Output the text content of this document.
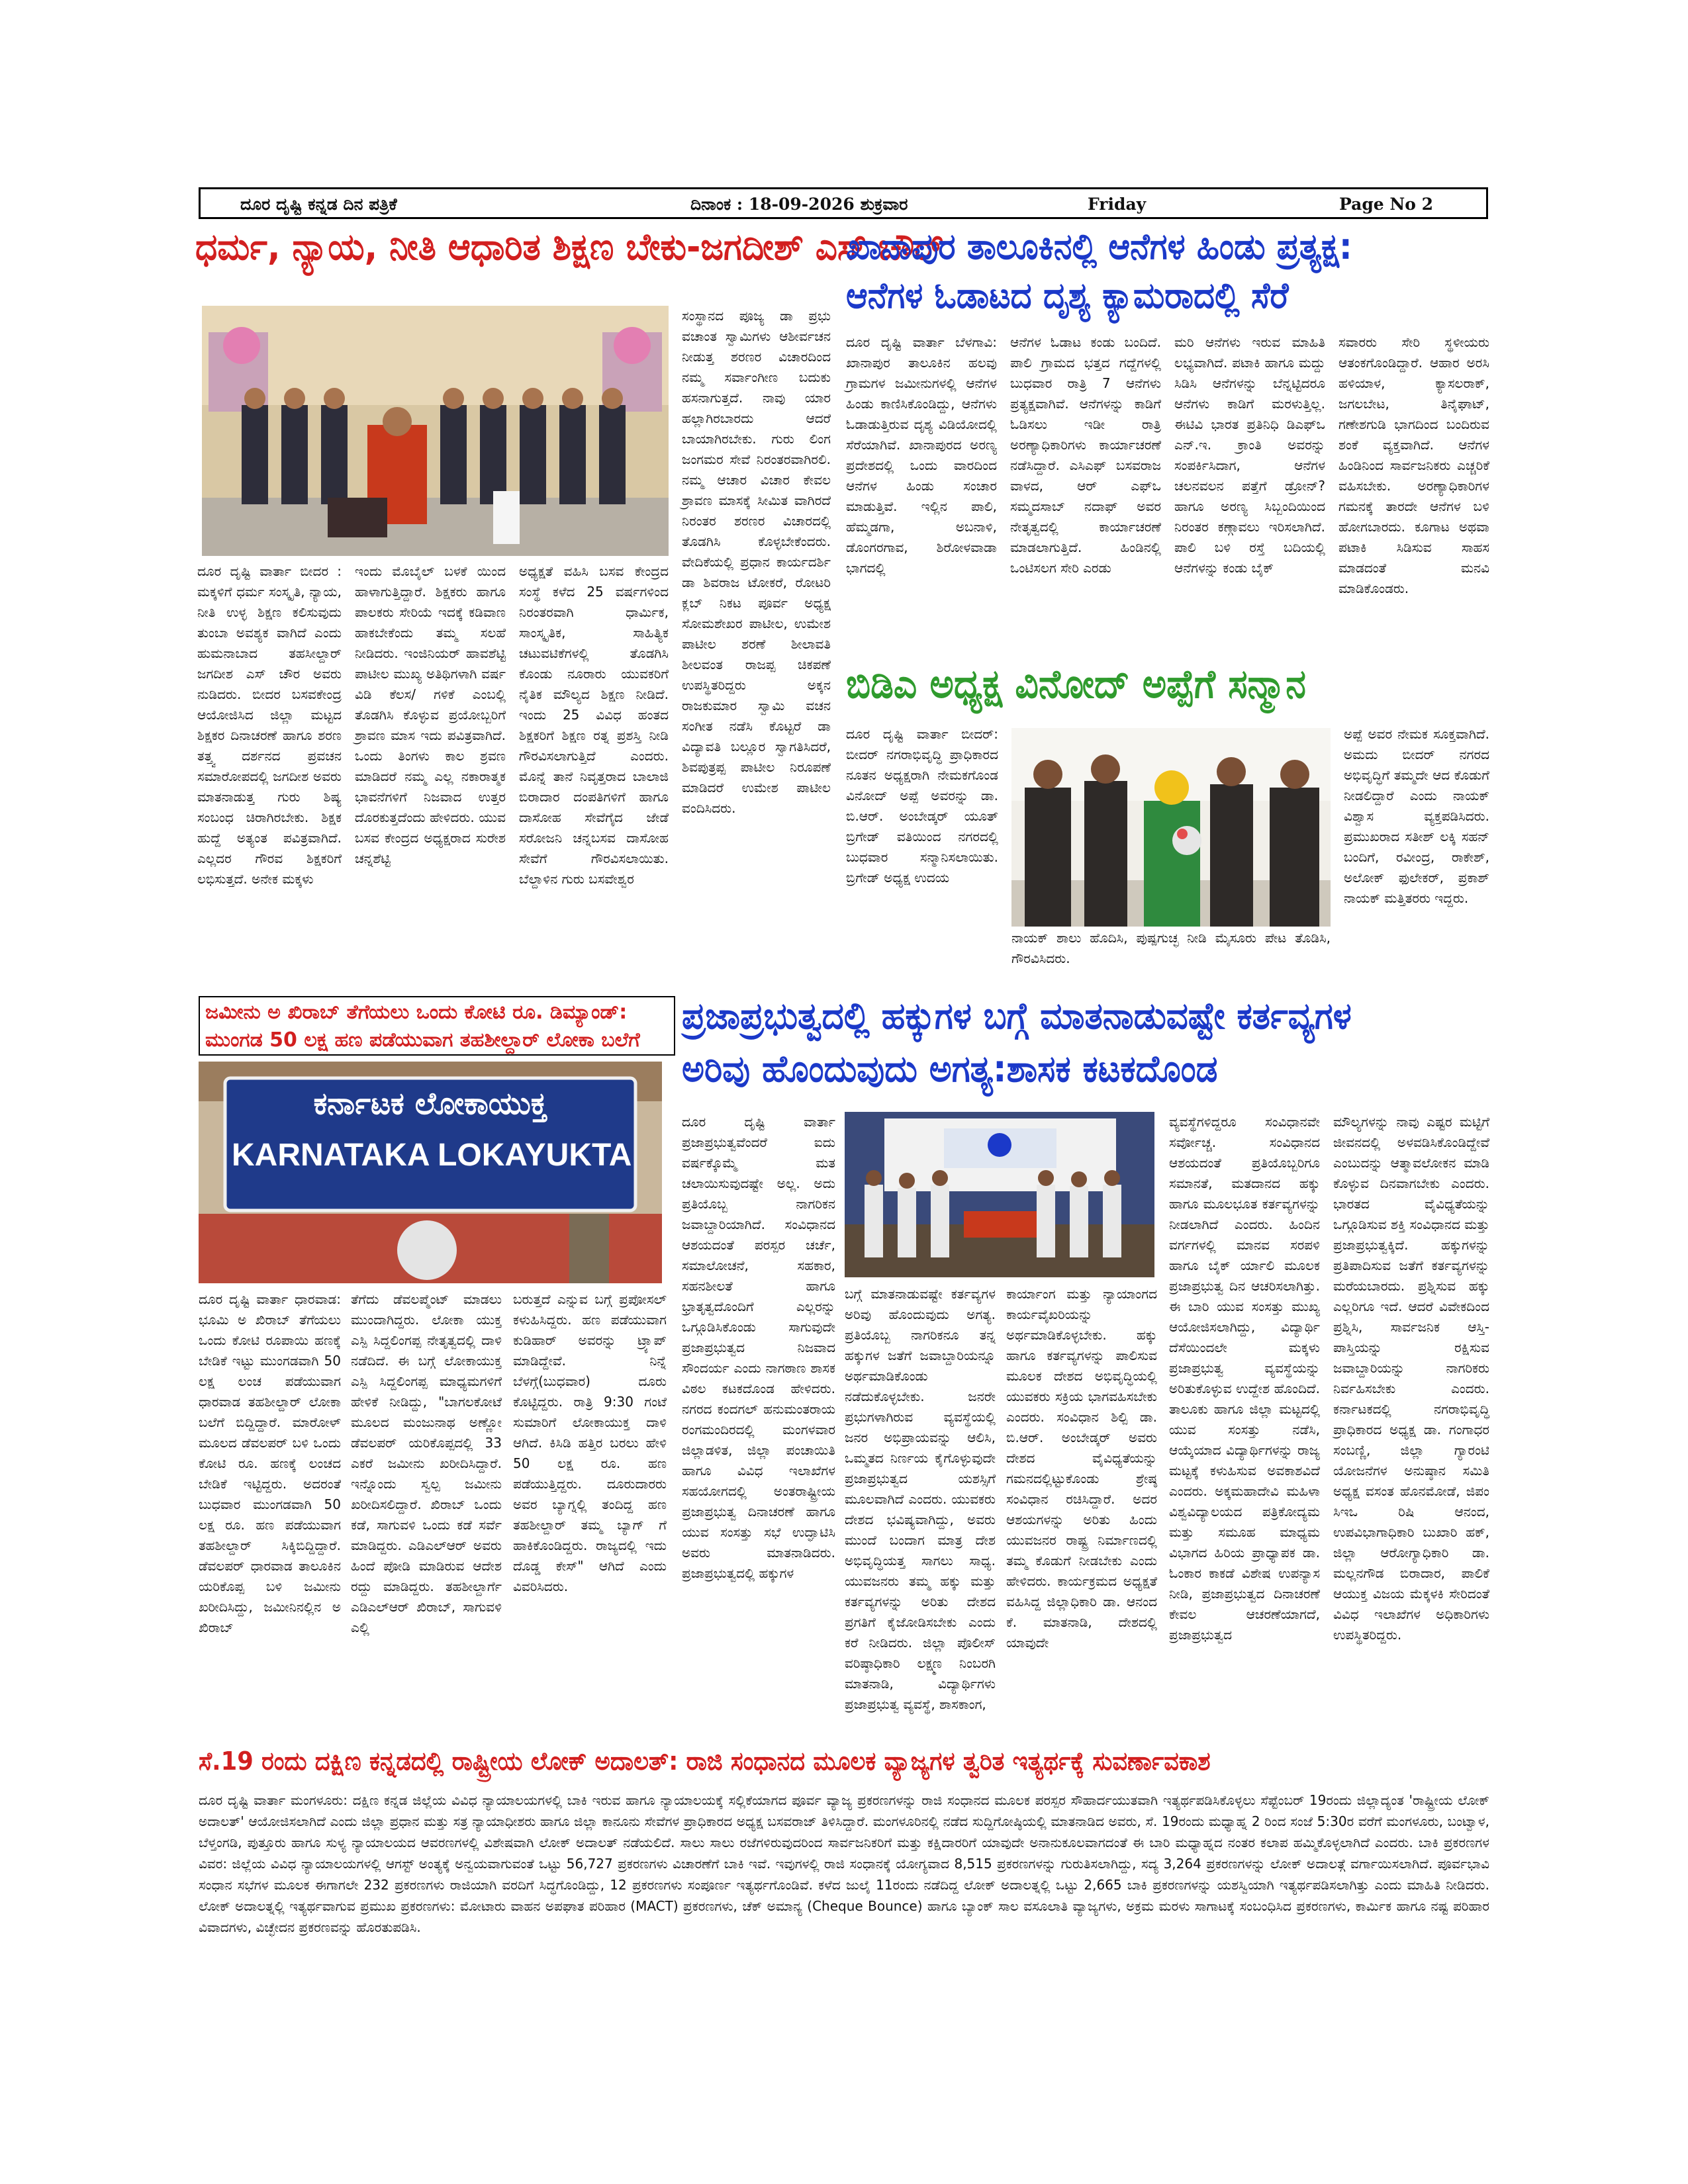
ದೂರ ದೃಷ್ಟಿ ಕನ್ನಡ ದಿನ ಪತ್ರಿಕೆ	ದಿನಾಂಕ : 18-09-2026 ಶುಕ್ರವಾರ	Friday	Page No 2
ಧರ್ಮ, ನ್ಯಾಯ, ನೀತಿ ಆಧಾರಿತ ಶಿಕ್ಷಣ ಬೇಕು-ಜಗದೀಶ್ ಎಸ್ ಚೌರ್
ದೂರ ದೃಷ್ಟಿ ವಾರ್ತಾ ಬೀದರ : ಮಕ್ಕಳಿಗೆ ಧರ್ಮ ಸಂಸ್ಕೃತಿ, ನ್ಯಾಯ, ನೀತಿ ಉಳ್ಳ ಶಿಕ್ಷಣ ಕಲಿಸುವುದು ತುಂಬಾ ಅವಶ್ಯಕ ವಾಗಿದೆ ಎಂದು ಹುಮನಾಬಾದ ತಹಸೀಲ್ದಾರ್ ಜಗದೀಶ ಎಸ್ ಚೌರ ಅವರು ನುಡಿದರು. ಬೀದರ ಬಸವಕೇಂದ್ರ ಆಯೋಜಿಸಿದ ಜಿಲ್ಲಾ ಮಟ್ಟದ ಶಿಕ್ಷಕರ ದಿನಾಚರಣೆ ಹಾಗೂ ಶರಣ ತತ್ತ್ವ ದರ್ಶನದ ಪ್ರವಚನ ಸಮಾರೋಪದಲ್ಲಿ ಜಗದೀಶ ಅವರು ಮಾತನಾಡುತ್ತ ಗುರು ಶಿಷ್ಯ ಸಂಬಂಧ ಚಿರಾಗಿರಬೇಕು. ಶಿಕ್ಷಕ ಹುದ್ದೆ ಅತ್ಯಂತ ಪವಿತ್ರವಾಗಿದೆ. ಎಲ್ಲದರ ಗೌರವ ಶಿಕ್ಷಕರಿಗೆ ಲಭಿಸುತ್ತದೆ. ಅನೇಕ ಮಕ್ಕಳು
ಇಂದು ಮೊಬೈಲ್ ಬಳಕೆ ಯಿಂದ ಹಾಳಾಗುತ್ತಿದ್ದಾರೆ. ಶಿಕ್ಷಕರು ಹಾಗೂ ಪಾಲಕರು ಸೇರಿಯೆ ಇದಕ್ಕೆ ಕಡಿವಾಣ ಹಾಕಬೇಕೆಂದು ತಮ್ಮ ಸಲಹೆ ನೀಡಿದರು. ಇಂಜಿನಿಯರ್ ಹಾವಶೆಟ್ಟಿ ಪಾಟೀಲ ಮುಖ್ಯ ಅತಿಥಿಗಳಾಗಿ ವರ್ಷ ವಿಡಿ ಕೆಲಸ/ ಗಳಿಕೆ ಎಂಬಲ್ಲಿ ತೊಡಗಿಸಿ ಕೊಳ್ಳುವ ಪ್ರಯೋಬ್ಬರಿಗೆ ಶ್ರಾವಣ ಮಾಸ ಇದು ಪವಿತ್ರವಾಗಿದೆ. ಒಂದು ತಿಂಗಳು ಕಾಲ ಶ್ರವಣ ಮಾಡಿದರೆ ನಮ್ಮ ಎಲ್ಲ ನಕಾರಾತ್ಮಕ ಭಾವನೆಗಳಿಗೆ ನಿಜವಾದ ಉತ್ತರ ದೊರಕುತ್ತದೆಂದು ಹೇಳಿದರು. ಯುವ ಬಸವ ಕೇಂದ್ರದ ಅಧ್ಯಕ್ಷರಾದ ಸುರೇಶ ಚನ್ನಶೆಟ್ಟಿ
ಅಧ್ಯಕ್ಷತೆ ವಹಿಸಿ ಬಸವ ಕೇಂದ್ರದ ಸಂಸ್ಥೆ ಕಳೆದ 25 ವರ್ಷಗಳಿಂದ ನಿರಂತರವಾಗಿ ಧಾರ್ಮಿಕ, ಸಾಂಸ್ಕೃತಿಕ, ಸಾಹಿತ್ಯಿಕ ಚಟುವಟಿಕೆಗಳಲ್ಲಿ ತೊಡಗಿಸಿ ಕೊಂಡು ನೂರಾರು ಯುವಕರಿಗೆ ನೈತಿಕ ಮೌಲ್ಯದ ಶಿಕ್ಷಣ ನೀಡಿದೆ. ಇಂದು 25 ವಿವಿಧ ಹಂತದ ಶಿಕ್ಷಕರಿಗೆ ಶಿಕ್ಷಣ ರತ್ನ ಪ್ರಶಸ್ತಿ ನೀಡಿ ಗೌರವಿಸಲಾಗುತ್ತಿದೆ ಎಂದರು. ಮೊನ್ನೆ ತಾನೆ ನಿವೃತ್ತರಾದ ಬಾಲಾಜಿ ಬಿರಾದಾರ ದಂಪತಿಗಳಿಗೆ ಹಾಗೂ ದಾಸೋಹ ಸೇವೆಗೈದ ಜೇಡೆ ಸರೋಜನಿ ಚನ್ನಬಸವ ದಾಸೋಹ ಸೇವೆಗೆ ಗೌರವಿಸಲಾಯಿತು. ಬೆಲ್ದಾಳಿನ ಗುರು ಬಸವೇಶ್ವರ
ಸಂಸ್ಥಾನದ ಪೂಜ್ಯ ಡಾ ಪ್ರಭು ವಚಾಂತ ಸ್ವಾಮಿಗಳು ಆಶೀರ್ವಚನ ನೀಡುತ್ತ ಶರಣರ ವಿಚಾರದಿಂದ ನಮ್ಮ ಸರ್ವಾಂಗೀಣ ಬದುಕು ಹಸನಾಗುತ್ತದೆ. ನಾವು ಯಾರ ಹಲ್ಲಾಗಿರಬಾರದು ಆದರೆ ಬಾಯಾಗಿರಬೇಕು. ಗುರು ಲಿಂಗ ಜಂಗಮರ ಸೇವೆ ನಿರಂತರವಾಗಿರಲಿ. ನಮ್ಮ ಆಚಾರ ವಿಚಾರ ಕೇವಲ ಶ್ರಾವಣ ಮಾಸಕ್ಕೆ ಸೀಮಿತ ವಾಗಿರದೆ ನಿರಂತರ ಶರಣರ ವಿಚಾರದಲ್ಲಿ ತೊಡಗಿಸಿ ಕೊಳ್ಳಬೇಕೆಂದರು. ವೇದಿಕೆಯಲ್ಲಿ ಪ್ರಧಾನ ಕಾರ್ಯದರ್ಶಿ ಡಾ ಶಿವರಾಜ ಟೋಕರೆ, ರೋಟರಿ ಕ್ಲಬ್ ನಿಕಟ ಪೂರ್ವ ಅಧ್ಯಕ್ಷ ಸೋಮಶೇಖರ ಪಾಟೀಲ, ಉಮೇಶ ಪಾಟೀಲ ಶರಣೆ ಶೀಲಾವತಿ ಶೀಲವಂತ ರಾಜಪ್ಪ ಚಿಕಪಣೆ ಉಪಸ್ಥಿತರಿದ್ದರು ಅಕ್ಕನ ರಾಜಕುಮಾರ ಸ್ವಾಮಿ ವಚನ ಸಂಗೀತ ನಡೆಸಿ ಕೊಟ್ಟರೆ ಡಾ ವಿದ್ಯಾವತಿ ಬಲ್ಲೂರ ಸ್ವಾಗತಿಸಿದರೆ, ಶಿವಪುತ್ರಪ್ಪ ಪಾಟೀಲ ನಿರೂಪಣೆ ಮಾಡಿದರೆ ಉಮೇಶ ಪಾಟೀಲ ವಂದಿಸಿದರು.
ಖಾನಾಪುರ ತಾಲೂಕಿನಲ್ಲಿ ಆನೆಗಳ ಹಿಂಡು ಪ್ರತ್ಯಕ್ಷ:
ಆನೆಗಳ ಓಡಾಟದ ದೃಶ್ಯ ಕ್ಯಾಮರಾದಲ್ಲಿ ಸೆರೆ
ದೂರ ದೃಷ್ಟಿ ವಾರ್ತಾ ಬೆಳಗಾವಿ: ಖಾನಾಪುರ ತಾಲೂಕಿನ ಹಲವು ಗ್ರಾಮಗಳ ಜಮೀನುಗಳಲ್ಲಿ ಆನೆಗಳ ಹಿಂಡು ಕಾಣಿಸಿಕೊಂಡಿದ್ದು, ಆನೆಗಳು ಓಡಾಡುತ್ತಿರುವ ದೃಶ್ಯ ವಿಡಿಯೋದಲ್ಲಿ ಸೆರೆಯಾಗಿವೆ. ಖಾನಾಪುರದ ಅರಣ್ಯ ಪ್ರದೇಶದಲ್ಲಿ ಒಂದು ವಾರದಿಂದ ಆನೆಗಳ ಹಿಂಡು ಸಂಚಾರ ಮಾಡುತ್ತಿವೆ. ಇಲ್ಲಿನ ಪಾಲಿ, ಹೆಮ್ಮಡಗಾ, ಅಬನಾಳಿ, ಡೊಂಗರಗಾವ, ಶಿರೋಳವಾಡಾ ಭಾಗದಲ್ಲಿ
ಆನೆಗಳ ಓಡಾಟ ಕಂಡು ಬಂದಿದೆ. ಪಾಲಿ ಗ್ರಾಮದ ಭತ್ತದ ಗದ್ದೆಗಳಲ್ಲಿ ಬುಧವಾರ ರಾತ್ರಿ 7 ಆನೆಗಳು ಪ್ರತ್ಯಕ್ಷವಾಗಿವೆ. ಆನೆಗಳನ್ನು ಕಾಡಿಗೆ ಓಡಿಸಲು ಇಡೀ ರಾತ್ರಿ ಅರಣ್ಯಾಧಿಕಾರಿಗಳು ಕಾರ್ಯಾಚರಣೆ ನಡೆಸಿದ್ದಾರೆ. ಎಸಿಎಫ್ ಬಸವರಾಜ ವಾಳದ, ಆರ್ ಎಫ್ಒ ಸಮ್ಮದಸಾಬ್ ನದಾಫ್ ಅವರ ನೇತೃತ್ವದಲ್ಲಿ ಕಾರ್ಯಾಚರಣೆ ಮಾಡಲಾಗುತ್ತಿದೆ. ಹಿಂಡಿನಲ್ಲಿ ಒಂಟಿಸಲಗ ಸೇರಿ ಎರಡು
ಮರಿ ಆನೆಗಳು ಇರುವ ಮಾಹಿತಿ ಲಭ್ಯವಾಗಿದೆ. ಪಟಾಕಿ ಹಾಗೂ ಮದ್ದು ಸಿಡಿಸಿ ಆನೆಗಳನ್ನು ಬೆನ್ನಟ್ಟಿದರೂ ಆನೆಗಳು ಕಾಡಿಗೆ ಮರಳುತ್ತಿಲ್ಲ. ಈಟಿವಿ ಭಾರತ ಪ್ರತಿನಿಧಿ ಡಿಎಫ್ಒ ಎನ್.ಇ. ಕ್ರಾಂತಿ ಅವರನ್ನು ಸಂಪರ್ಕಿಸಿದಾಗ, ಆನೆಗಳ ಚಲನವಲನ ಪತ್ತೆಗೆ ಡ್ರೋನ್? ಹಾಗೂ ಅರಣ್ಯ ಸಿಬ್ಬಂದಿಯಿಂದ ನಿರಂತರ ಕಣ್ಗಾವಲು ಇರಿಸಲಾಗಿದೆ. ಪಾಲಿ ಬಳಿ ರಸ್ತೆ ಬದಿಯಲ್ಲಿ ಆನೆಗಳನ್ನು ಕಂಡು ಬೈಕ್
ಸವಾರರು ಸೇರಿ ಸ್ಥಳೀಯರು ಆತಂಕಗೊಂಡಿದ್ದಾರೆ. ಆಹಾರ ಅರಸಿ ಹಳಿಯಾಳ, ಕ್ಯಾಸಲರಾಕ್, ಜಗಲಬೇಟ, ತಿನೈಘಾಟ್, ಗಣೇಶಗುಡಿ ಭಾಗದಿಂದ ಬಂದಿರುವ ಶಂಕೆ ವ್ಯಕ್ತವಾಗಿದೆ. ಆನೆಗಳ ಹಿಂಡಿನಿಂದ ಸಾರ್ವಜನಿಕರು ಎಚ್ಚರಿಕೆ ವಹಿಸಬೇಕು. ಅರಣ್ಯಾಧಿಕಾರಿಗಳ ಗಮನಕ್ಕೆ ತಾರದೇ ಆನೆಗಳ ಬಳಿ ಹೋಗಬಾರದು. ಕೂಗಾಟ ಅಥವಾ ಪಟಾಕಿ ಸಿಡಿಸುವ ಸಾಹಸ ಮಾಡದಂತೆ ಮನವಿ ಮಾಡಿಕೊಂಡರು.
ಬಿಡಿಎ ಅಧ್ಯಕ್ಷ ವಿನೋದ್ ಅಪ್ಪೆಗೆ ಸನ್ಮಾನ
ದೂರ ದೃಷ್ಟಿ ವಾರ್ತಾ ಬೀದರ್: ಬೀದರ್ ನಗರಾಭಿವೃದ್ಧಿ ಪ್ರಾಧಿಕಾರದ ನೂತನ ಅಧ್ಯಕ್ಷರಾಗಿ ನೇಮಕಗೊಂಡ ವಿನೋದ್ ಅಪ್ಪೆ ಅವರನ್ನು ಡಾ. ಬಿ.ಆರ್. ಅಂಬೇಡ್ಕರ್ ಯೂತ್ ಬ್ರಿಗೇಡ್ ವತಿಯಿಂದ ನಗರದಲ್ಲಿ ಬುಧವಾರ ಸನ್ಮಾನಿಸಲಾಯಿತು. ಬ್ರಿಗೇಡ್ ಅಧ್ಯಕ್ಷ ಉದಯ
ನಾಯಕ್ ಶಾಲು ಹೊದಿಸಿ, ಪುಷ್ಪಗುಚ್ಛ ನೀಡಿ ಮೈಸೂರು ಪೇಟ ತೊಡಿಸಿ, ಗೌರವಿಸಿದರು.
ಅಪ್ಪೆ ಅವರ ನೇಮಕ ಸೂಕ್ತವಾಗಿದೆ. ಅಮದು ಬೀದರ್ ನಗರದ ಅಭಿವೃದ್ಧಿಗೆ ತಮ್ಮದೇ ಆದ ಕೊಡುಗೆ ನೀಡಲಿದ್ದಾರೆ ಎಂದು ನಾಯಕ್ ವಿಶ್ವಾಸ ವ್ಯಕ್ತಪಡಿಸಿದರು. ಪ್ರಮುಖರಾದ ಸತೀಶ್ ಲಕ್ಕಿ ಸಹನ್ ಬಂದಿಗೆ, ರವೀಂದ್ರ, ರಾಕೇಶ್, ಅಲೋಕ್ ಫುಲೇಕರ್, ಪ್ರಕಾಶ್ ನಾಯಕ್ ಮತ್ತಿತರರು ಇದ್ದರು.
ಜಮೀನು ಅ ಖಿರಾಬ್ ತೆಗೆಯಲು ಒಂದು ಕೋಟಿ ರೂ. ಡಿಮ್ಯಾಂಡ್:
ಮುಂಗಡ 50 ಲಕ್ಷ ಹಣ ಪಡೆಯುವಾಗ ತಹಶೀಲ್ದಾರ್ ಲೋಕಾ ಬಲೆಗೆ
ಕರ್ನಾಟಕ ಲೋಕಾಯುಕ್ತ
KARNATAKA LOKAYUKTA
ದೂರ ದೃಷ್ಟಿ ವಾರ್ತಾ ಧಾರವಾಡ: ಭೂಮಿ ಅ ಖಿರಾಬ್ ತೆಗೆಯಲು ಒಂದು ಕೋಟಿ ರೂಪಾಯಿ ಹಣಕ್ಕೆ ಬೇಡಿಕೆ ಇಟ್ಟು ಮುಂಗಡವಾಗಿ 50 ಲಕ್ಷ ಲಂಚ ಪಡೆಯುವಾಗ ಧಾರವಾಡ ತಹಶೀಲ್ದಾರ್ ಲೋಕಾ ಬಲೆಗೆ ಬಿದ್ದಿದ್ದಾರೆ. ಮಾರೋಳ್ ಮೂಲದ ಡೆವಲಪರ್ ಬಳಿ ಒಂದು ಕೋಟಿ ರೂ. ಹಣಕ್ಕೆ ಲಂಚದ ಬೇಡಿಕೆ ಇಟ್ಟಿದ್ದರು. ಅದರಂತೆ ಬುಧವಾರ ಮುಂಗಡವಾಗಿ 50 ಲಕ್ಷ ರೂ. ಹಣ ಪಡೆಯುವಾಗ ತಹಶೀಲ್ದಾರ್ ಸಿಕ್ಕಿಬಿದ್ದಿದ್ದಾರೆ. ಡೆವಲಪರ್ ಧಾರವಾಡ ತಾಲೂಕಿನ ಯರಿಕೊಪ್ಪ ಬಳಿ ಜಮೀನು ಖರೀದಿಸಿದ್ದು, ಜಮೀನಿನಲ್ಲಿನ ಅ ಖಿರಾಬ್
ತೆಗೆದು ಡೆವಲಪ್ಮೆಂಟ್ ಮಾಡಲು ಮುಂದಾಗಿದ್ದರು. ಲೋಕಾ ಯುಕ್ತ ಎಸ್ಪಿ ಸಿದ್ದಲಿಂಗಪ್ಪ ನೇತೃತ್ವದಲ್ಲಿ ದಾಳಿ ನಡೆದಿದೆ. ಈ ಬಗ್ಗೆ ಲೋಕಾಯುಕ್ತ ಎಸ್ಪಿ ಸಿದ್ದಲಿಂಗಪ್ಪ ಮಾಧ್ಯಮಗಳಿಗೆ ಹೇಳಿಕೆ ನೀಡಿದ್ದು, "ಬಾಗಲಕೋಟೆ ಮೂಲದ ಮಂಜುನಾಥ ಅಣ್ಣೋ ಡೆವಲಪರ್ ಯರಿಕೊಪ್ಪದಲ್ಲಿ 33 ಎಕರೆ ಜಮೀನು ಖರೀದಿಸಿದ್ದಾರೆ. ಇನ್ನೊಂದು ಸ್ವಲ್ಪ ಜಮೀನು ಖರೀದಿಸಲಿದ್ದಾರೆ. ಖಿರಾಬ್ ಒಂದು ಕಡೆ, ಸಾಗುವಳಿ ಒಂದು ಕಡೆ ಸರ್ವೆ ಮಾಡಿದ್ದರು. ಎಡಿಎಲ್ಆರ್ ಅವರು ಹಿಂದೆ ಪೋಡಿ ಮಾಡಿರುವ ಆದೇಶ ರದ್ದು ಮಾಡಿದ್ದರು. ತಹಶೀಲ್ದಾರ್ಗೆ ಎಡಿಎಲ್ಆರ್ ಖಿರಾಬ್, ಸಾಗುವಳಿ ಎಲ್ಲಿ
ಬರುತ್ತದೆ ಎನ್ನುವ ಬಗ್ಗೆ ಪ್ರಪೋಸಲ್ ಕಳುಹಿಸಿದ್ದರು. ಹಣ ಪಡೆಯುವಾಗ ಕುಡಿಹಾರ್ ಅವರನ್ನು ಟ್ರ್ಯಾಪ್ ಮಾಡಿದ್ದೇವೆ. ನಿನ್ನೆ ಬೆಳಗ್ಗೆ(ಬುಧವಾರ) ದೂರು ಕೊಟ್ಟಿದ್ದರು. ರಾತ್ರಿ 9:30 ಗಂಟೆ ಸುಮಾರಿಗೆ ಲೋಕಾಯುಕ್ತ ದಾಳಿ ಆಗಿದೆ. ಕಿಸಿಡಿ ಹತ್ತಿರ ಬರಲು ಹೇಳಿ 50 ಲಕ್ಷ ರೂ. ಹಣ ಪಡೆಯುತ್ತಿದ್ದರು. ದೂರುದಾರರು ಅವರ ಬ್ಯಾಗ್ನಲ್ಲಿ ತಂದಿದ್ದ ಹಣ ತಹಶೀಲ್ದಾರ್ ತಮ್ಮ ಬ್ಯಾಗ್ ಗೆ ಹಾಕಿಕೊಂಡಿದ್ದರು. ರಾಜ್ಯದಲ್ಲಿ ಇದು ದೊಡ್ಡ ಕೇಸ್" ಆಗಿದೆ ಎಂದು ವಿವರಿಸಿದರು.
ಪ್ರಜಾಪ್ರಭುತ್ವದಲ್ಲಿ ಹಕ್ಕುಗಳ ಬಗ್ಗೆ ಮಾತನಾಡುವಷ್ಟೇ ಕರ್ತವ್ಯಗಳ
ಅರಿವು ಹೊಂದುವುದು ಅಗತ್ಯ:ಶಾಸಕ ಕಟಕದೊಂಡ
ದೂರ ದೃಷ್ಟಿ ವಾರ್ತಾ ಪ್ರಜಾಪ್ರಭುತ್ವವೆಂದರೆ ಐದು ವರ್ಷಕ್ಕೊಮ್ಮೆ ಮತ ಚಲಾಯಿಸುವುದಷ್ಟೇ ಅಲ್ಲ. ಅದು ಪ್ರತಿಯೊಬ್ಬ ನಾಗರಿಕನ ಜವಾಬ್ದಾರಿಯಾಗಿದೆ. ಸಂವಿಧಾನದ ಆಶಯದಂತೆ ಪರಸ್ಪರ ಚರ್ಚೆ, ಸಮಾಲೋಚನೆ, ಸಹಕಾರ, ಸಹನಶೀಲತೆ ಹಾಗೂ ಭ್ರಾತೃತ್ವದೊಂದಿಗೆ ಎಲ್ಲರನ್ನು ಒಗ್ಗೂಡಿಸಿಕೊಂಡು ಸಾಗುವುದೇ ಪ್ರಜಾಪ್ರಭುತ್ವದ ನಿಜವಾದ ಸೌಂದರ್ಯ ಎಂದು ನಾಗಠಾಣ ಶಾಸಕ ವಿಠಲ ಕಟಕದೊಂಡ ಹೇಳಿದರು. ನಗರದ ಕಂದಗಲ್ ಹನುಮಂತರಾಯ ರಂಗಮಂದಿರದಲ್ಲಿ ಮಂಗಳವಾರ ಜಿಲ್ಲಾಡಳಿತ, ಜಿಲ್ಲಾ ಪಂಚಾಯಿತಿ ಹಾಗೂ ವಿವಿಧ ಇಲಾಖೆಗಳ ಸಹಯೋಗದಲ್ಲಿ ಅಂತರಾಷ್ಟ್ರೀಯ ಪ್ರಜಾಪ್ರಭುತ್ವ ದಿನಾಚರಣೆ ಹಾಗೂ ಯುವ ಸಂಸತ್ತು ಸಭೆ ಉದ್ಘಾಟಿಸಿ ಅವರು ಮಾತನಾಡಿದರು. ಪ್ರಜಾಪ್ರಭುತ್ವದಲ್ಲಿ ಹಕ್ಕುಗಳ
ಬಗ್ಗೆ ಮಾತನಾಡುವಷ್ಟೇ ಕರ್ತವ್ಯಗಳ ಅರಿವು ಹೊಂದುವುದು ಅಗತ್ಯ. ಪ್ರತಿಯೊಬ್ಬ ನಾಗರಿಕನೂ ತನ್ನ ಹಕ್ಕುಗಳ ಜತೆಗೆ ಜವಾಬ್ದಾರಿಯನ್ನೂ ಅರ್ಥಮಾಡಿಕೊಂಡು ನಡೆದುಕೊಳ್ಳಬೇಕು. ಜನರೇ ಪ್ರಭುಗಳಾಗಿರುವ ವ್ಯವಸ್ಥೆಯಲ್ಲಿ ಜನರ ಅಭಿಪ್ರಾಯವನ್ನು ಆಲಿಸಿ, ಒಮ್ಮತದ ನಿರ್ಣಯ ಕೈಗೊಳ್ಳುವುದೇ ಪ್ರಜಾಪ್ರಭುತ್ವದ ಯಶಸ್ಸಿಗೆ ಮೂಲವಾಗಿದೆ ಎಂದರು. ಯುವಕರು ದೇಶದ ಭವಿಷ್ಯವಾಗಿದ್ದು, ಅವರು ಮುಂದೆ ಬಂದಾಗ ಮಾತ್ರ ದೇಶ ಅಭಿವೃದ್ಧಿಯತ್ತ ಸಾಗಲು ಸಾಧ್ಯ. ಯುವಜನರು ತಮ್ಮ ಹಕ್ಕು ಮತ್ತು ಕರ್ತವ್ಯಗಳನ್ನು ಅರಿತು ದೇಶದ ಪ್ರಗತಿಗೆ ಕೈಜೋಡಿಸಬೇಕು ಎಂದು ಕರೆ ನೀಡಿದರು. ಜಿಲ್ಲಾ ಪೊಲೀಸ್ ವರಿಷ್ಠಾಧಿಕಾರಿ ಲಕ್ಷ್ಮಣ ನಿಂಬರಗಿ ಮಾತನಾಡಿ, ವಿದ್ಯಾರ್ಥಿಗಳು ಪ್ರಜಾಪ್ರಭುತ್ವ ವ್ಯವಸ್ಥೆ, ಶಾಸಕಾಂಗ,
ಕಾರ್ಯಾಂಗ ಮತ್ತು ನ್ಯಾಯಾಂಗದ ಕಾರ್ಯವೈಖರಿಯನ್ನು ಅರ್ಥಮಾಡಿಕೊಳ್ಳಬೇಕು. ಹಕ್ಕು ಹಾಗೂ ಕರ್ತವ್ಯಗಳನ್ನು ಪಾಲಿಸುವ ಮೂಲಕ ದೇಶದ ಅಭಿವೃದ್ಧಿಯಲ್ಲಿ ಯುವಕರು ಸಕ್ರಿಯ ಭಾಗವಹಿಸಬೇಕು ಎಂದರು. ಸಂವಿಧಾನ ಶಿಲ್ಪಿ ಡಾ. ಬಿ.ಆರ್. ಅಂಬೇಡ್ಕರ್ ಅವರು ದೇಶದ ವೈವಿಧ್ಯತೆಯನ್ನು ಗಮನದಲ್ಲಿಟ್ಟುಕೊಂಡು ಶ್ರೇಷ್ಠ ಸಂವಿಧಾನ ರಚಿಸಿದ್ದಾರೆ. ಅದರ ಆಶಯಗಳನ್ನು ಅರಿತು ಹಿಂದು ಯುವಜನರ ರಾಷ್ಟ್ರ ನಿರ್ಮಾಣದಲ್ಲಿ ತಮ್ಮ ಕೊಡುಗೆ ನೀಡಬೇಕು ಎಂದು ಹೇಳಿದರು. ಕಾರ್ಯಕ್ರಮದ ಅಧ್ಯಕ್ಷತೆ ವಹಿಸಿದ್ದ ಜಿಲ್ಲಾಧಿಕಾರಿ ಡಾ. ಆನಂದ ಕೆ. ಮಾತನಾಡಿ, ದೇಶದಲ್ಲಿ ಯಾವುದೇ
ವ್ಯವಸ್ಥೆಗಳಿದ್ದರೂ ಸಂವಿಧಾನವೇ ಸರ್ವೋಚ್ಚ. ಸಂವಿಧಾನದ ಆಶಯದಂತೆ ಪ್ರತಿಯೊಬ್ಬರಿಗೂ ಸಮಾನತೆ, ಮತದಾನದ ಹಕ್ಕು ಹಾಗೂ ಮೂಲಭೂತ ಕರ್ತವ್ಯಗಳನ್ನು ನೀಡಲಾಗಿದೆ ಎಂದರು. ಹಿಂದಿನ ವರ್ಗಗಳಲ್ಲಿ ಮಾನವ ಸರಪಳಿ ಹಾಗೂ ಬೈಕ್ ರ್ಯಾಲಿ ಮೂಲಕ ಪ್ರಜಾಪ್ರಭುತ್ವ ದಿನ ಆಚರಿಸಲಾಗಿತ್ತು. ಈ ಬಾರಿ ಯುವ ಸಂಸತ್ತು ಮುಖ್ಯ ಆಯೋಜಿಸಲಾಗಿದ್ದು, ವಿದ್ಯಾರ್ಥಿ ದೆಸೆಯಿಂದಲೇ ಮಕ್ಕಳು ಪ್ರಜಾಪ್ರಭುತ್ವ ವ್ಯವಸ್ಥೆಯನ್ನು ಅರಿತುಕೊಳ್ಳುವ ಉದ್ದೇಶ ಹೊಂದಿದೆ. ತಾಲೂಕು ಹಾಗೂ ಜಿಲ್ಲಾ ಮಟ್ಟದಲ್ಲಿ ಯುವ ಸಂಸತ್ತು ನಡೆಸಿ, ಆಯ್ಕೆಯಾದ ವಿದ್ಯಾರ್ಥಿಗಳನ್ನು ರಾಜ್ಯ ಮಟ್ಟಕ್ಕೆ ಕಳುಹಿಸುವ ಅವಕಾಶವಿದೆ ಎಂದರು. ಅಕ್ಕಮಹಾದೇವಿ ಮಹಿಳಾ ವಿಶ್ವವಿದ್ಯಾಲಯದ ಪತ್ರಿಕೋದ್ಯಮ ಮತ್ತು ಸಮೂಹ ಮಾಧ್ಯಮ ವಿಭಾಗದ ಹಿರಿಯ ಪ್ರಾಧ್ಯಾಪಕ ಡಾ. ಓಂಕಾರ ಕಾಕಡೆ ವಿಶೇಷ ಉಪನ್ಯಾಸ ನೀಡಿ, ಪ್ರಜಾಪ್ರಭುತ್ವದ ದಿನಾಚರಣೆ ಕೇವಲ ಆಚರಣೆಯಾಗದೆ, ಪ್ರಜಾಪ್ರಭುತ್ವದ
ಮೌಲ್ಯಗಳನ್ನು ನಾವು ಎಷ್ಟರ ಮಟ್ಟಿಗೆ ಜೀವನದಲ್ಲಿ ಅಳವಡಿಸಿಕೊಂಡಿದ್ದೇವೆ ಎಂಬುದನ್ನು ಆತ್ಮಾವಲೋಕನ ಮಾಡಿ ಕೊಳ್ಳುವ ದಿನವಾಗಬೇಕು ಎಂದರು. ಭಾರತದ ವೈವಿಧ್ಯತೆಯನ್ನು ಒಗ್ಗೂಡಿಸುವ ಶಕ್ತಿ ಸಂವಿಧಾನದ ಮತ್ತು ಪ್ರಜಾಪ್ರಭುತ್ವಕ್ಕಿದೆ. ಹಕ್ಕುಗಳನ್ನು ಪ್ರತಿಪಾದಿಸುವ ಜತೆಗೆ ಕರ್ತವ್ಯಗಳನ್ನು ಮರೆಯಬಾರದು. ಪ್ರಶ್ನಿಸುವ ಹಕ್ಕು ಎಲ್ಲರಿಗೂ ಇದೆ. ಆದರೆ ವಿವೇಕದಿಂದ ಪ್ರಶ್ನಿಸಿ, ಸಾರ್ವಜನಿಕ ಆಸ್ತಿ-ಪಾಸ್ತಿಯನ್ನು ರಕ್ಷಿಸುವ ಜವಾಬ್ದಾರಿಯನ್ನು ನಾಗರಿಕರು ನಿರ್ವಹಿಸಬೇಕು ಎಂದರು. ಕರ್ನಾಟಕದಲ್ಲಿ ನಗರಾಭಿವೃದ್ಧಿ ಪ್ರಾಧಿಕಾರದ ಅಧ್ಯಕ್ಷ ಡಾ. ಗಂಗಾಧರ ಸಂಬಣ್ಣಿ, ಜಿಲ್ಲಾ ಗ್ಯಾರಂಟಿ ಯೋಜನೆಗಳ ಅನುಷ್ಠಾನ ಸಮಿತಿ ಅಧ್ಯಕ್ಷ ವಸಂತ ಹೊನಮೋಡೆ, ಜಿಪಂ ಸಿಇಒ ರಿಷಿ ಆನಂದ, ಉಪವಿಭಾಗಾಧಿಕಾರಿ ಬುಖಾರಿ ಹಕ್, ಜಿಲ್ಲಾ ಆರೋಗ್ಯಾಧಿಕಾರಿ ಡಾ. ಮಲ್ಲನಗೌಡ ಬಿರಾದಾರ, ಪಾಲಿಕೆ ಆಯುಕ್ತ ವಿಜಯ ಮೆಕ್ಕಳಕಿ ಸೇರಿದಂತೆ ವಿವಿಧ ಇಲಾಖೆಗಳ ಅಧಿಕಾರಿಗಳು ಉಪಸ್ಥಿತರಿದ್ದರು.
ಸೆ.19 ರಂದು ದಕ್ಷಿಣ ಕನ್ನಡದಲ್ಲಿ ರಾಷ್ಟ್ರೀಯ ಲೋಕ್ ಅದಾಲತ್: ರಾಜಿ ಸಂಧಾನದ ಮೂಲಕ ವ್ಯಾಜ್ಯಗಳ ತ್ವರಿತ ಇತ್ಯರ್ಥಕ್ಕೆ ಸುವರ್ಣಾವಕಾಶ
ದೂರ ದೃಷ್ಟಿ ವಾರ್ತಾ ಮಂಗಳೂರು: ದಕ್ಷಿಣ ಕನ್ನಡ ಜಿಲ್ಲೆಯ ವಿವಿಧ ನ್ಯಾಯಾಲಯಗಳಲ್ಲಿ ಬಾಕಿ ಇರುವ ಹಾಗೂ ನ್ಯಾಯಾಲಯಕ್ಕೆ ಸಲ್ಲಿಕೆಯಾಗದ ಪೂರ್ವ ವ್ಯಾಜ್ಯ ಪ್ರಕರಣಗಳನ್ನು ರಾಜಿ ಸಂಧಾನದ ಮೂಲಕ ಪರಸ್ಪರ ಸೌಹಾರ್ದಯುತವಾಗಿ ಇತ್ಯರ್ಥಪಡಿಸಿಕೊಳ್ಳಲು ಸೆಪ್ಟೆಂಬರ್ 19ರಂದು ಜಿಲ್ಲಾದ್ಯಂತ 'ರಾಷ್ಟ್ರೀಯ ಲೋಕ್ ಅದಾಲತ್' ಆಯೋಜಿಸಲಾಗಿದೆ ಎಂದು ಜಿಲ್ಲಾ ಪ್ರಧಾನ ಮತ್ತು ಸತ್ರ ನ್ಯಾಯಾಧೀಶರು ಹಾಗೂ ಜಿಲ್ಲಾ ಕಾನೂನು ಸೇವೆಗಳ ಪ್ರಾಧಿಕಾರದ ಅಧ್ಯಕ್ಷ ಬಸವರಾಜ್ ತಿಳಿಸಿದ್ದಾರೆ. ಮಂಗಳೂರಿನಲ್ಲಿ ನಡೆದ ಸುದ್ದಿಗೋಷ್ಠಿಯಲ್ಲಿ ಮಾತನಾಡಿದ ಅವರು, ಸೆ. 19ರಂದು ಮಧ್ಯಾಹ್ನ 2 ರಿಂದ ಸಂಜೆ 5:30ರ ವರೆಗೆ ಮಂಗಳೂರು, ಬಂಟ್ವಾಳ, ಬೆಳ್ತಂಗಡಿ, ಪುತ್ತೂರು ಹಾಗೂ ಸುಳ್ಯ ನ್ಯಾಯಾಲಯದ ಆವರಣಗಳಲ್ಲಿ ವಿಶೇಷವಾಗಿ ಲೋಕ್ ಅದಾಲತ್ ನಡೆಯಲಿದೆ. ಸಾಲು ಸಾಲು ರಜೆಗಳಿರುವುದರಿಂದ ಸಾರ್ವಜನಿಕರಿಗೆ ಮತ್ತು ಕಕ್ಷಿದಾರರಿಗೆ ಯಾವುದೇ ಅನಾನುಕೂಲವಾಗದಂತೆ ಈ ಬಾರಿ ಮಧ್ಯಾಹ್ನದ ನಂತರ ಕಲಾಪ ಹಮ್ಮಿಕೊಳ್ಳಲಾಗಿದೆ ಎಂದರು. ಬಾಕಿ ಪ್ರಕರಣಗಳ ವಿವರ: ಜಿಲ್ಲೆಯ ವಿವಿಧ ನ್ಯಾಯಾಲಯಗಳಲ್ಲಿ ಆಗಸ್ಟ್ ಅಂತ್ಯಕ್ಕೆ ಅನ್ವಯವಾಗುವಂತೆ ಒಟ್ಟು 56,727 ಪ್ರಕರಣಗಳು ವಿಚಾರಣೆಗೆ ಬಾಕಿ ಇವೆ. ಇವುಗಳಲ್ಲಿ ರಾಜಿ ಸಂಧಾನಕ್ಕೆ ಯೋಗ್ಯವಾದ 8,515 ಪ್ರಕರಣಗಳನ್ನು ಗುರುತಿಸಲಾಗಿದ್ದು, ಸದ್ಯ 3,264 ಪ್ರಕರಣಗಳನ್ನು ಲೋಕ್ ಅದಾಲತ್ಗೆ ವರ್ಗಾಯಿಸಲಾಗಿದೆ. ಪೂರ್ವಭಾವಿ ಸಂಧಾನ ಸಭೆಗಳ ಮೂಲಕ ಈಗಾಗಲೇ 232 ಪ್ರಕರಣಗಳು ರಾಜಿಯಾಗಿ ವರದಿಗೆ ಸಿದ್ಧಗೊಂಡಿದ್ದು, 12 ಪ್ರಕರಣಗಳು ಸಂಪೂರ್ಣ ಇತ್ಯರ್ಥಗೊಂಡಿವೆ. ಕಳೆದ ಜುಲೈ 11ರಂದು ನಡೆದಿದ್ದ ಲೋಕ್ ಅದಾಲತ್ನಲ್ಲಿ ಒಟ್ಟು 2,665 ಬಾಕಿ ಪ್ರಕರಣಗಳನ್ನು ಯಶಸ್ವಿಯಾಗಿ ಇತ್ಯರ್ಥಪಡಿಸಲಾಗಿತ್ತು ಎಂದು ಮಾಹಿತಿ ನೀಡಿದರು. ಲೋಕ್ ಅದಾಲತ್ನಲ್ಲಿ ಇತ್ಯರ್ಥವಾಗುವ ಪ್ರಮುಖ ಪ್ರಕರಣಗಳು: ಮೋಟಾರು ವಾಹನ ಅಪಘಾತ ಪರಿಹಾರ (MACT) ಪ್ರಕರಣಗಳು, ಚೆಕ್ ಅಮಾನ್ಯ (Cheque Bounce) ಹಾಗೂ ಬ್ಯಾಂಕ್ ಸಾಲ ವಸೂಲಾತಿ ವ್ಯಾಜ್ಯಗಳು, ಅಕ್ರಮ ಮರಳು ಸಾಗಾಟಕ್ಕೆ ಸಂಬಂಧಿಸಿದ ಪ್ರಕರಣಗಳು, ಕಾರ್ಮಿಕ ಹಾಗೂ ನಷ್ಟ ಪರಿಹಾರ ವಿವಾದಗಳು, ವಿಚ್ಛೇದನ ಪ್ರಕರಣವನ್ನು ಹೊರತುಪಡಿಸಿ.
